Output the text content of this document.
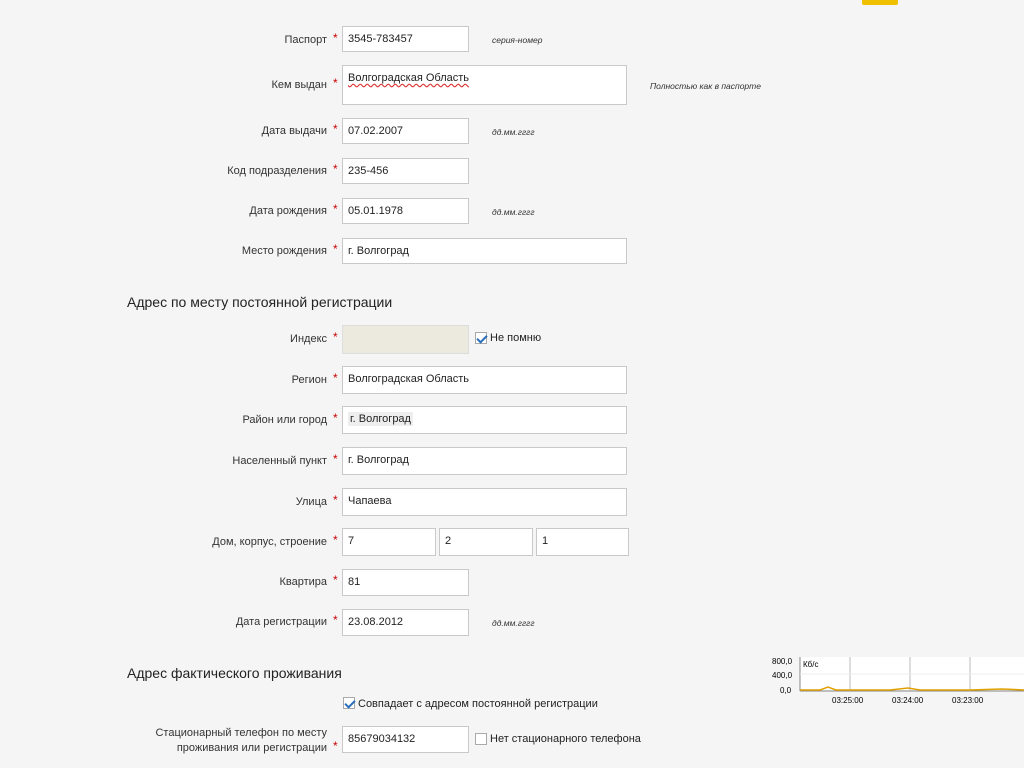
Паспорт * 3545-783457	серия-номер
Кем выдан * Волгоградская Область
Полностью как в паспорте
Дата выдачи * 07.02.2007	дд.мм.гггг
Код подразделения * 235-456
Дата рождения * 05.01.1978	дд.мм.гггг
Место рождения * г. Волгоград
Адрес по месту постоянной регистрации
Индекс *	Не помню
Регион * Волгоградская Область
Район или город *	г. Волгоград
Населенный пункт * г. Волгоград
Улица * Чапаева
Дом, корпус, строение * 7	2	1
Квартира * 81
Дата регистрации * 23.08.2012	дд.мм.гггг
Адрес фактического проживания
Совпадает с адресом постоянной регистрации
Стационарный телефон по месту
проживания или регистрации * 85679034132	Нет стационарного телефона
800,0
400,0
0,0
Кб/с
03:25:00	03:24:00	03:23:00
